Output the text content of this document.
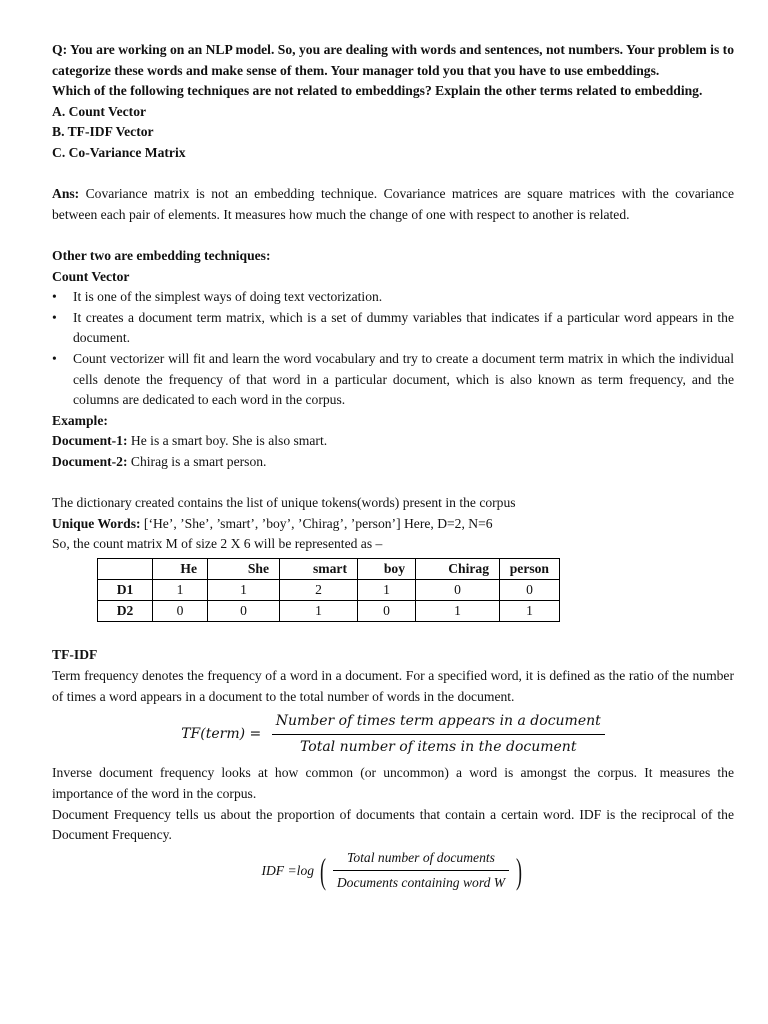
Q: You are working on an NLP model. So, you are dealing with words and sentences, not numbers. Your problem is to categorize these words and make sense of them. Your manager told you that you have to use embeddings.

Which of the following techniques are not related to embeddings? Explain the other terms related to embedding.

A. Count Vector

B. TF-IDF Vector

C. Co-Variance Matrix

Ans: Covariance matrix is not an embedding technique. Covariance matrices are square matrices with the covariance between each pair of elements. It measures how much the change of one with respect to another is related.

Other two are embedding techniques:

Count Vector

• It is one of the simplest ways of doing text vectorization.
• It creates a document term matrix, which is a set of dummy variables that indicates if a particular word appears in the document.
• Count vectorizer will fit and learn the word vocabulary and try to create a document term matrix in which the individual cells denote the frequency of that word in a particular document, which is also known as term frequency, and the columns are dedicated to each word in the corpus.

Example:

Document-1: He is a smart boy. She is also smart.

Document-2: Chirag is a smart person.

The dictionary created contains the list of unique tokens(words) present in the corpus

Unique Words: [‘He’, ’She’, ’smart’, ’boy’, ’Chirag’, ’person’] Here, D=2, N=6

So, the count matrix M of size 2 X 6 will be represented as –

	He	She	smart	boy	Chirag	person
D1	1	1	2	1	0	0
D2	0	0	1	0	1	1

TF-IDF

Term frequency denotes the frequency of a word in a document. For a specified word, it is defined as the ratio of the number of times a word appears in a document to the total number of words in the document.

TF(term) = $\frac{\text{Number of times term appears in a document}}{\text{Total number of items in the document}}$

Inverse document frequency looks at how common (or uncommon) a word is amongst the corpus. It measures the importance of the word in the corpus.

Document Frequency tells us about the proportion of documents that contain a certain word. IDF is the reciprocal of the Document Frequency.

IDF =log ( $\frac{\text{Total number of documents}}{\text{Documents containing word W}}$ )
